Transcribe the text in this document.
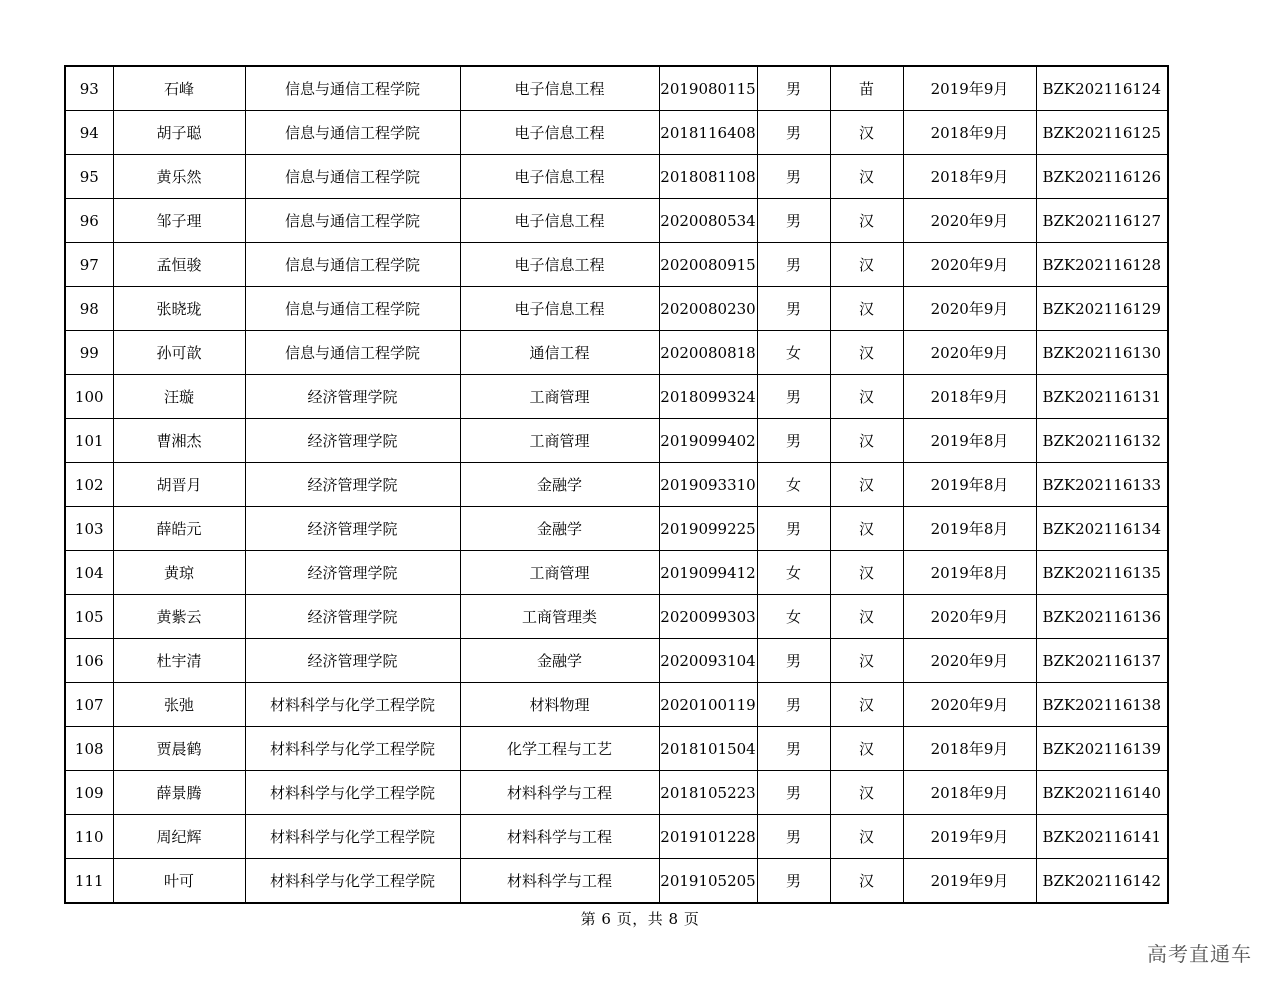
93	石峰	信息与通信工程学院	电子信息工程	2019080115	男	苗	2019年9月	BZK202116124
94	胡子聪	信息与通信工程学院	电子信息工程	2018116408	男	汉	2018年9月	BZK202116125
95	黄乐然	信息与通信工程学院	电子信息工程	2018081108	男	汉	2018年9月	BZK202116126
96	邹子理	信息与通信工程学院	电子信息工程	2020080534	男	汉	2020年9月	BZK202116127
97	孟恒骏	信息与通信工程学院	电子信息工程	2020080915	男	汉	2020年9月	BZK202116128
98	张晓珑	信息与通信工程学院	电子信息工程	2020080230	男	汉	2020年9月	BZK202116129
99	孙可歆	信息与通信工程学院	通信工程	2020080818	女	汉	2020年9月	BZK202116130
100	汪璇	经济管理学院	工商管理	2018099324	男	汉	2018年9月	BZK202116131
101	曹湘杰	经济管理学院	工商管理	2019099402	男	汉	2019年8月	BZK202116132
102	胡晋月	经济管理学院	金融学	2019093310	女	汉	2019年8月	BZK202116133
103	薛皓元	经济管理学院	金融学	2019099225	男	汉	2019年8月	BZK202116134
104	黄琼	经济管理学院	工商管理	2019099412	女	汉	2019年8月	BZK202116135
105	黄紫云	经济管理学院	工商管理类	2020099303	女	汉	2020年9月	BZK202116136
106	杜宇清	经济管理学院	金融学	2020093104	男	汉	2020年9月	BZK202116137
107	张弛	材料科学与化学工程学院	材料物理	2020100119	男	汉	2020年9月	BZK202116138
108	贾晨鹤	材料科学与化学工程学院	化学工程与工艺	2018101504	男	汉	2018年9月	BZK202116139
109	薛景腾	材料科学与化学工程学院	材料科学与工程	2018105223	男	汉	2018年9月	BZK202116140
110	周纪辉	材料科学与化学工程学院	材料科学与工程	2019101228	男	汉	2019年9月	BZK202116141
111	叶可	材料科学与化学工程学院	材料科学与工程	2019105205	男	汉	2019年9月	BZK202116142
第 6 页，共 8 页
高考直通车
